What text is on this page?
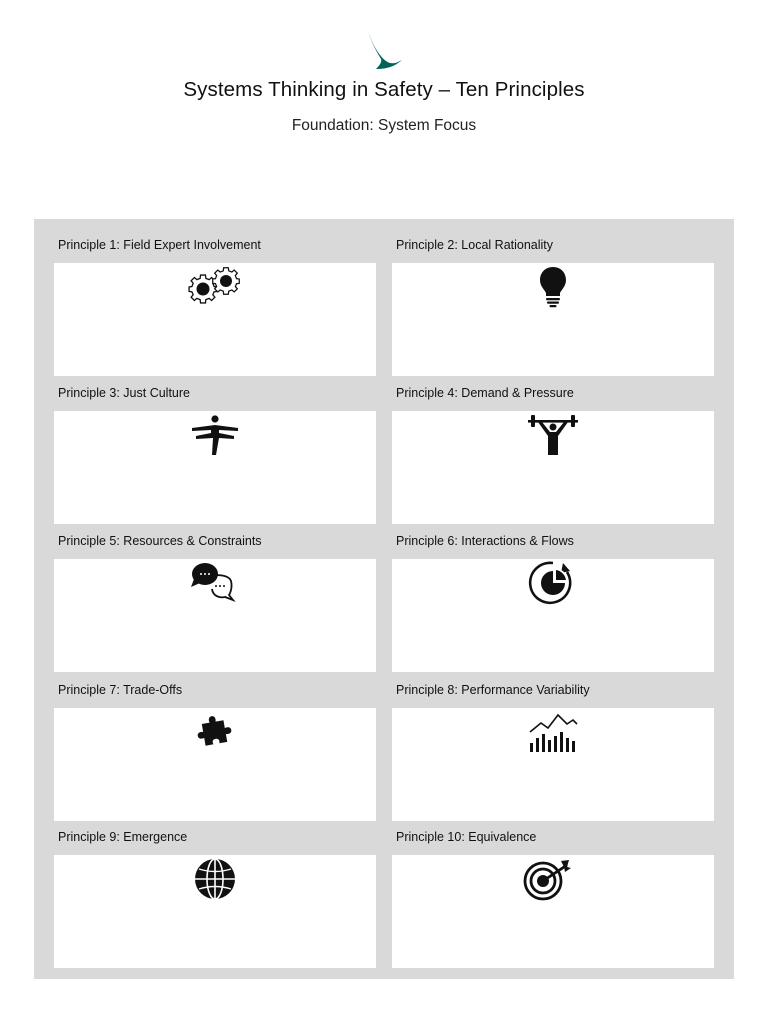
Systems Thinking in Safety – Ten Principles
Foundation: System Focus
Principle 1: Field Expert Involvement	Principle 2: Local Rationality
Principle 3: Just Culture	Principle 4: Demand & Pressure
Principle 5: Resources & Constraints	Principle 6: Interactions & Flows
Principle 7: Trade-Offs	Principle 8: Performance Variability
Principle 9: Emergence	Principle 10: Equivalence
